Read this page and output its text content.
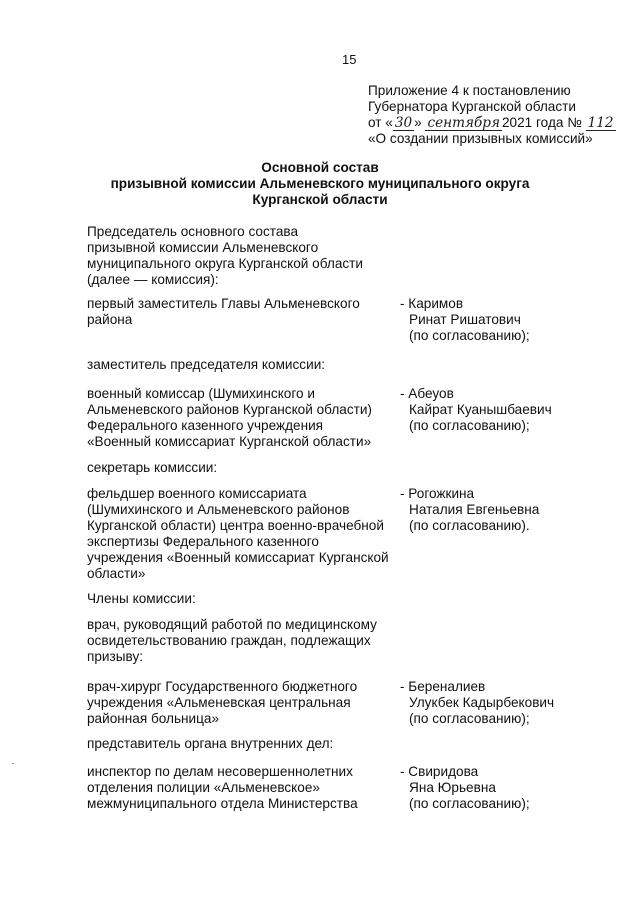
15
Приложение 4 к постановлению
Губернатора Курганской области
от « 30 » сентября 2021 года № 112
«О создании призывных комиссий»
Основной состав
призывной комиссии Альменевского муниципального округа
Курганской области
Председатель основного состава
призывной комиссии Альменевского
муниципального округа Курганской области
(далее — комиссия):
первый заместитель Главы Альменевского
района
- Каримов
Ринат Ришатович
(по согласованию);
заместитель председателя комиссии:
военный комиссар (Шумихинского и
Альменевского районов Курганской области)
Федерального казенного учреждения
«Военный комиссариат Курганской области»
- Абеуов
Кайрат Куанышбаевич
(по согласованию);
секретарь комиссии:
фельдшер военного комиссариата
(Шумихинского и Альменевского районов
Курганской области) центра военно-врачебной
экспертизы Федерального казенного
учреждения «Военный комиссариат Курганской
области»
- Рогожкина
Наталия Евгеньевна
(по согласованию).
Члены комиссии:
врач, руководящий работой по медицинскому
освидетельствованию граждан, подлежащих
призыву:
врач-хирург Государственного бюджетного
учреждения «Альменевская центральная
районная больница»
- Береналиев
Улукбек Кадырбекович
(по согласованию);
представитель органа внутренних дел:
инспектор по делам несовершеннолетних
отделения полиции «Альменевское»
межмуниципального отдела Министерства
- Свиридова
Яна Юрьевна
(по согласованию);
